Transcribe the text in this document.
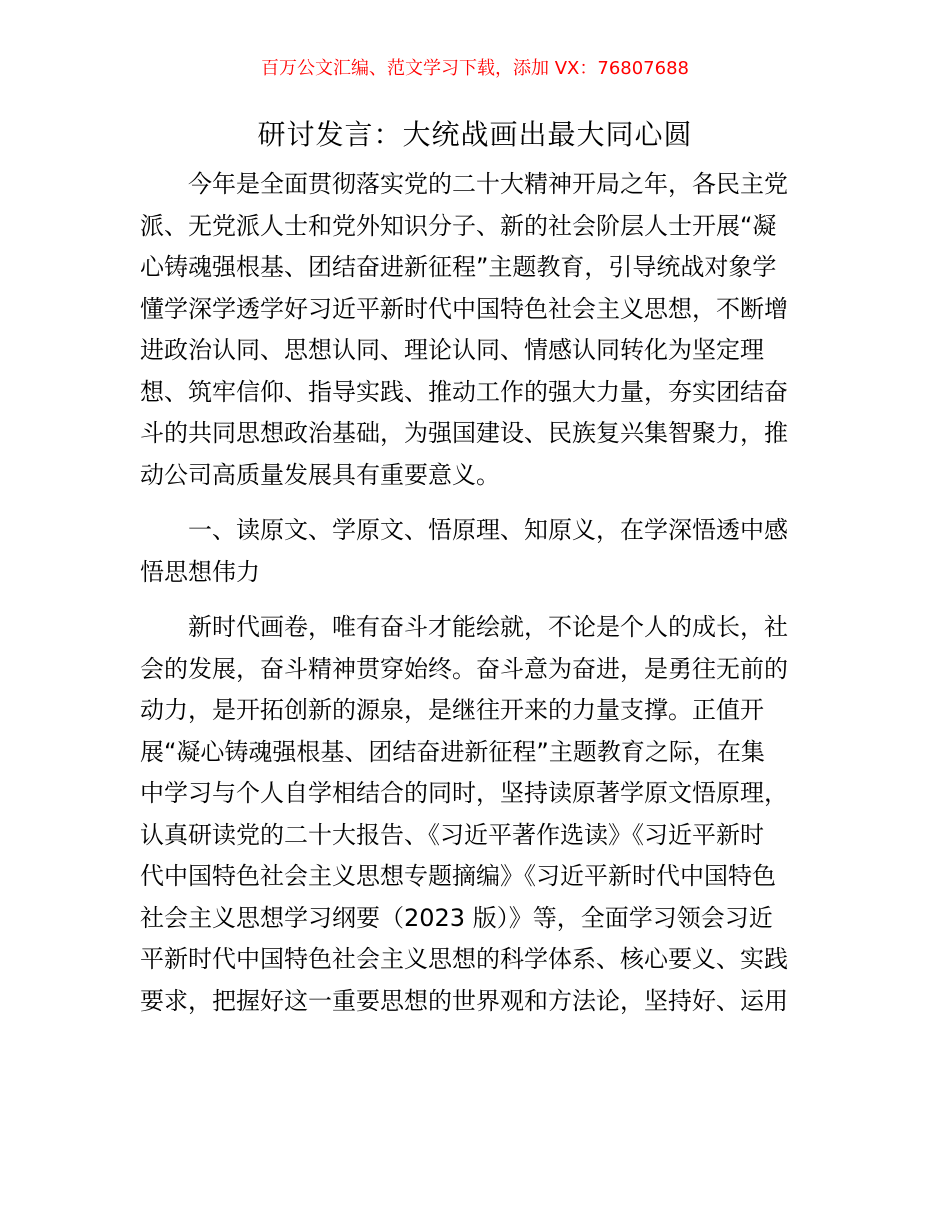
百万公文汇编、范文学习下载，添加 VX：76807688
研讨发言：大统战画出最大同心圆
今年是全面贯彻落实党的二十大精神开局之年，各民主党
派、无党派人士和党外知识分子、新的社会阶层人士开展“凝
心铸魂强根基、团结奋进新征程”主题教育，引导统战对象学
懂学深学透学好习近平新时代中国特色社会主义思想，不断增
进政治认同、思想认同、理论认同、情感认同转化为坚定理
想、筑牢信仰、指导实践、推动工作的强大力量，夯实团结奋
斗的共同思想政治基础，为强国建设、民族复兴集智聚力，推
动公司高质量发展具有重要意义。
一、读原文、学原文、悟原理、知原义，在学深悟透中感
悟思想伟力
新时代画卷，唯有奋斗才能绘就，不论是个人的成长，社
会的发展，奋斗精神贯穿始终。奋斗意为奋进，是勇往无前的
动力，是开拓创新的源泉，是继往开来的力量支撑。正值开
展“凝心铸魂强根基、团结奋进新征程”主题教育之际，在集
中学习与个人自学相结合的同时，坚持读原著学原文悟原理，
认真研读党的二十大报告、《习近平著作选读》《习近平新时
代中国特色社会主义思想专题摘编》《习近平新时代中国特色
社会主义思想学习纲要（2023 版）》等，全面学习领会习近
平新时代中国特色社会主义思想的科学体系、核心要义、实践
要求，把握好这一重要思想的世界观和方法论，坚持好、运用
